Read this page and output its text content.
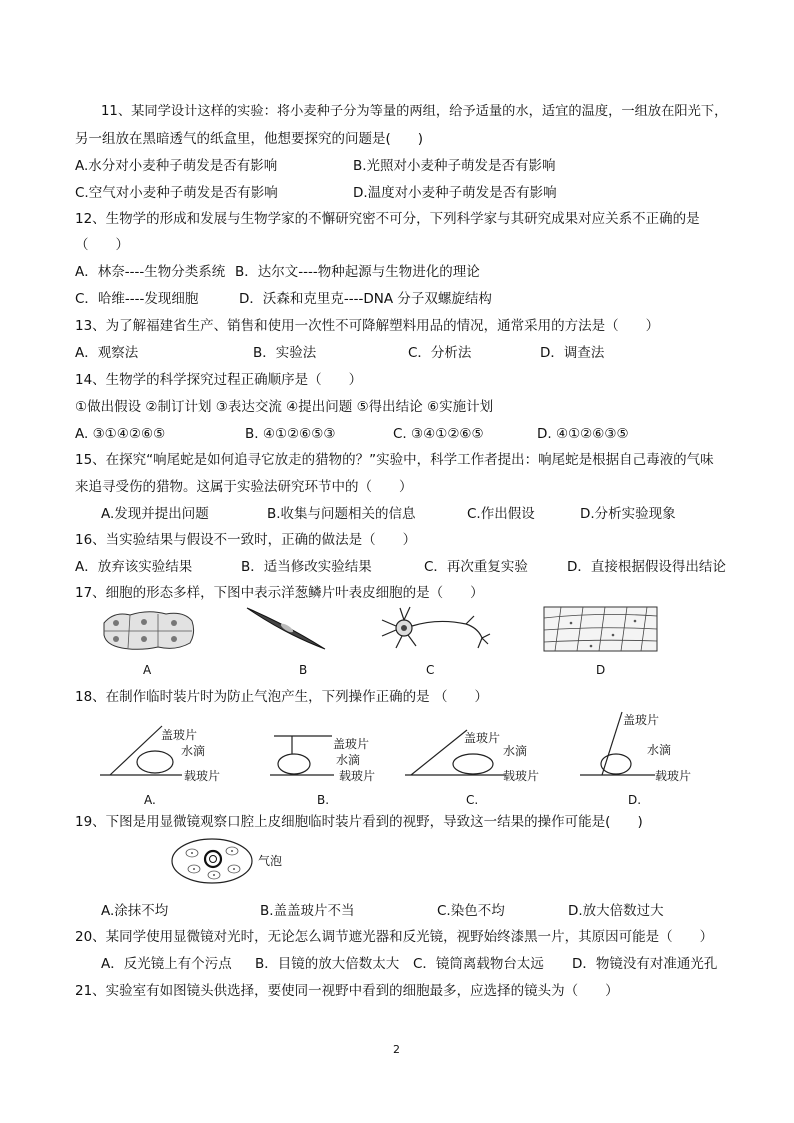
11、某同学设计这样的实验：将小麦种子分为等量的两组，给予适量的水，适宜的温度，一组放在阳光下，
另一组放在黑暗透气的纸盒里，他想要探究的问题是(　　)
A.水分对小麦种子萌发是否有影响	B.光照对小麦种子萌发是否有影响
C.空气对小麦种子萌发是否有影响	D.温度对小麦种子萌发是否有影响
12、生物学的形成和发展与生物学家的不懈研究密不可分，下列科学家与其研究成果对应关系不正确的是
（　　）
A．林奈----生物分类系统 B．达尔文----物种起源与生物进化的理论
C．哈维----发现细胞	D．沃森和克里克----DNA 分子双螺旋结构
13、为了解福建省生产、销售和使用一次性不可降解塑料用品的情况，通常采用的方法是（　　）
A．观察法	B．实验法	C．分析法	D．调查法
14、生物学的科学探究过程正确顺序是（　　）
①做出假设 ②制订计划 ③表达交流 ④提出问题 ⑤得出结论 ⑥实施计划
A. ③①④②⑥⑤	B. ④①②⑥⑤③	C. ③④①②⑥⑤	D. ④①②⑥③⑤
15、在探究“响尾蛇是如何追寻它放走的猎物的？”实验中，科学工作者提出：响尾蛇是根据自己毒液的气味
来追寻受伤的猎物。这属于实验法研究环节中的（　　）
A.发现并提出问题	B.收集与问题相关的信息	C.作出假设	D.分析实验现象
16、当实验结果与假设不一致时，正确的做法是（　　）
A．放弃该实验结果	B．适当修改实验结果	C．再次重复实验	D．直接根据假设得出结论
17、细胞的形态多样，下图中表示洋葱鳞片叶表皮细胞的是（　　）
A	B	C	D
18、在制作临时装片时为防止气泡产生，下列操作正确的是 （　　）
盖玻片
水滴
载玻片
A.
盖玻片
水滴
载玻片
B.
盖玻片
水滴
载玻片
C.
盖玻片
水滴
载玻片
D.
19、下图是用显微镜观察口腔上皮细胞临时装片看到的视野，导致这一结果的操作可能是(　　)
气泡
A.涂抹不均	B.盖盖玻片不当	C.染色不均	D.放大倍数过大
20、某同学使用显微镜对光时，无论怎么调节遮光器和反光镜，视野始终漆黑一片，其原因可能是（　　）
A．反光镜上有个污点 B．目镜的放大倍数太大 C．镜筒离载物台太远 D．物镜没有对准通光孔
21、实验室有如图镜头供选择，要使同一视野中看到的细胞最多，应选择的镜头为（　　）
2
